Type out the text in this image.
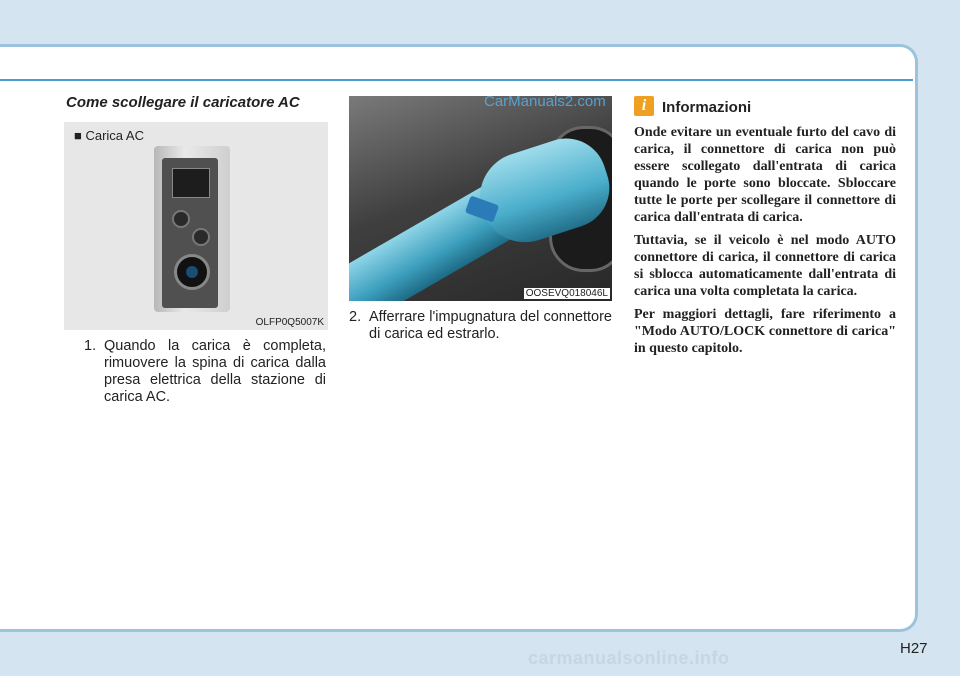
Come scollegare il caricatore AC
■ Carica AC
OLFP0Q5007K
OOSEVQ018046L
CarManuals2.com

1. Quando la carica è completa, rimuovere la spina di carica dalla presa elettrica della stazione di carica AC.

2. Afferrare l'impugnatura del connettore di carica ed estrarlo.

i	Informazioni

Onde evitare un eventuale furto del cavo di carica, il connettore di carica non può essere scollegato dall'entrata di carica quando le porte sono bloccate. Sbloccare tutte le porte per scollegare il connettore di carica dall'entrata di carica.

Tuttavia, se il veicolo è nel modo AUTO connettore di carica, il connettore di carica si sblocca automaticamente dall'entrata di carica una volta completata la carica.

Per maggiori dettagli, fare riferimento a "Modo AUTO/LOCK connettore di carica" in questo capitolo.

H27
carmanualsonline.info
